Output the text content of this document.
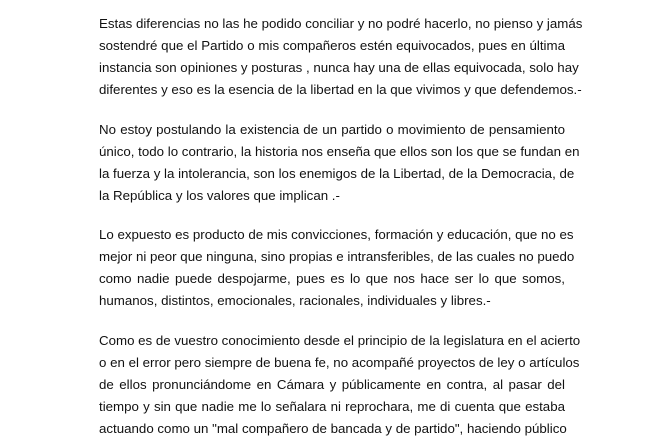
Estas diferencias no las he podido conciliar y no podré hacerlo, no pienso y jamás
sostendré que el Partido o mis compañeros estén equivocados, pues en última
instancia son opiniones y posturas , nunca hay una de ellas equivocada, solo hay
diferentes y eso es la esencia de la libertad en la que vivimos y que defendemos.-
No estoy postulando la existencia de un partido o movimiento de pensamiento
único, todo lo contrario, la historia nos enseña que ellos son los que se fundan en
la fuerza y la intolerancia, son los enemigos de la Libertad, de la Democracia, de
la República y los valores que implican .-
Lo expuesto es producto de mis convicciones, formación y educación, que no es
mejor ni peor que ninguna, sino propias e intransferibles, de las cuales no puedo
como nadie puede despojarme, pues es lo que nos hace ser lo que somos,
humanos, distintos, emocionales, racionales, individuales y libres.-
Como es de vuestro conocimiento desde el principio de la legislatura en el acierto
o en el error pero siempre de buena fe, no acompañé proyectos de ley o artículos
de ellos pronunciándome en Cámara y públicamente en contra, al pasar del
tiempo y sin que nadie me lo señalara ni reprochara, me di cuenta que estaba
actuando como un "mal compañero de bancada y de partido", haciendo público
